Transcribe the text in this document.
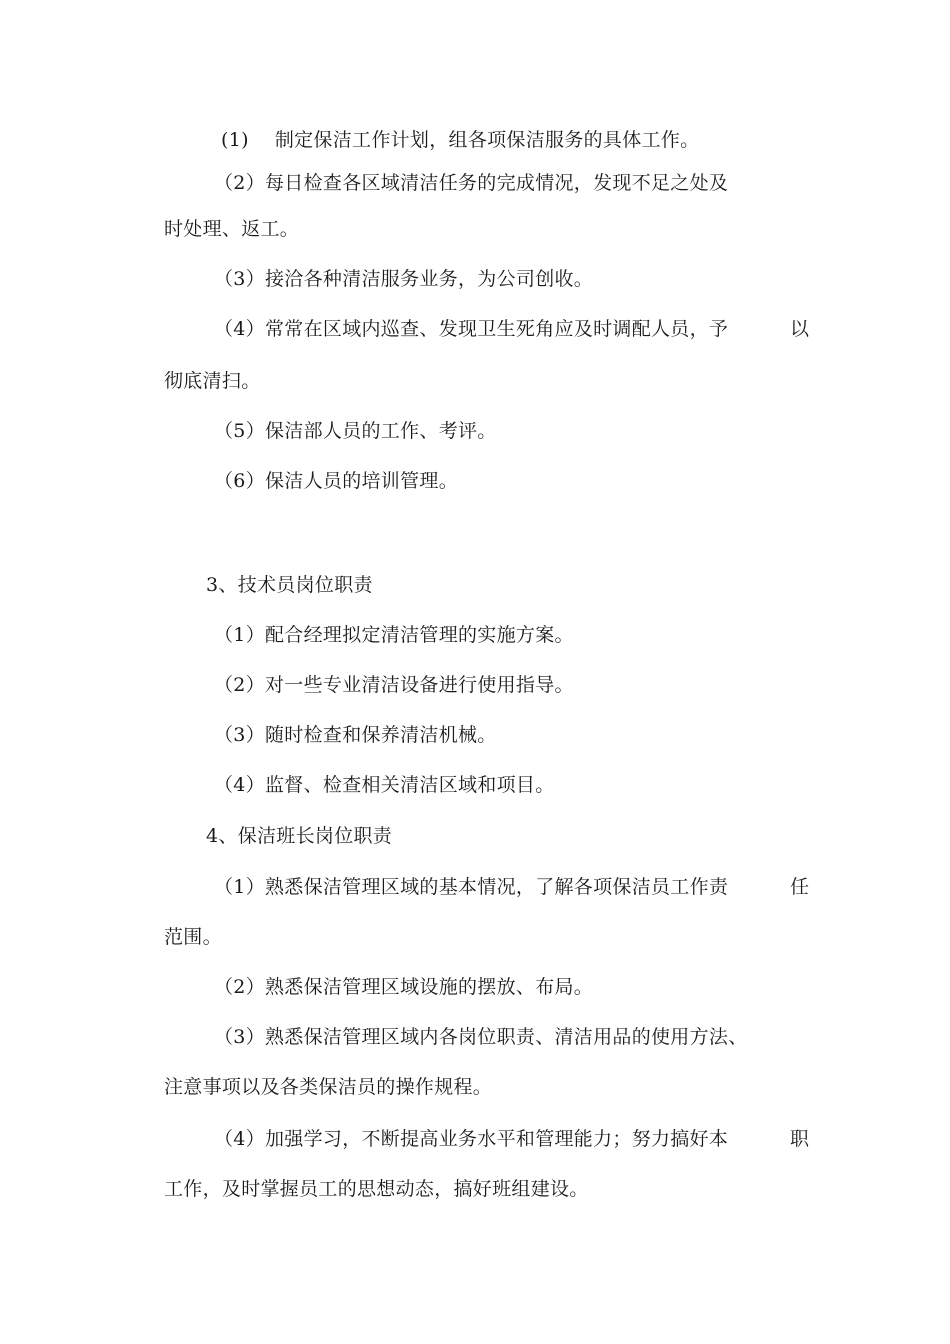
(1) 制定保洁工作计划，组各项保洁服务的具体工作。
（2）每日检查各区域清洁任务的完成情况，发现不足之处及
时处理、返工。
（3）接洽各种清洁服务业务，为公司创收。
（4）常常在区域内巡查、发现卫生死角应及时调配人员，予	以
彻底清扫。
（5）保洁部人员的工作、考评。
（6）保洁人员的培训管理。
3、技术员岗位职责
（1）配合经理拟定清洁管理的实施方案。
（2）对一些专业清洁设备进行使用指导。
（3）随时检查和保养清洁机械。
（4）监督、检查相关清洁区域和项目。
4、保洁班长岗位职责
（1）熟悉保洁管理区域的基本情况，了解各项保洁员工作责	任
范围。
（2）熟悉保洁管理区域设施的摆放、布局。
（3）熟悉保洁管理区域内各岗位职责、清洁用品的使用方法、
注意事项以及各类保洁员的操作规程。
（4）加强学习，不断提高业务水平和管理能力；努力搞好本	职
工作，及时掌握员工的思想动态，搞好班组建设。
